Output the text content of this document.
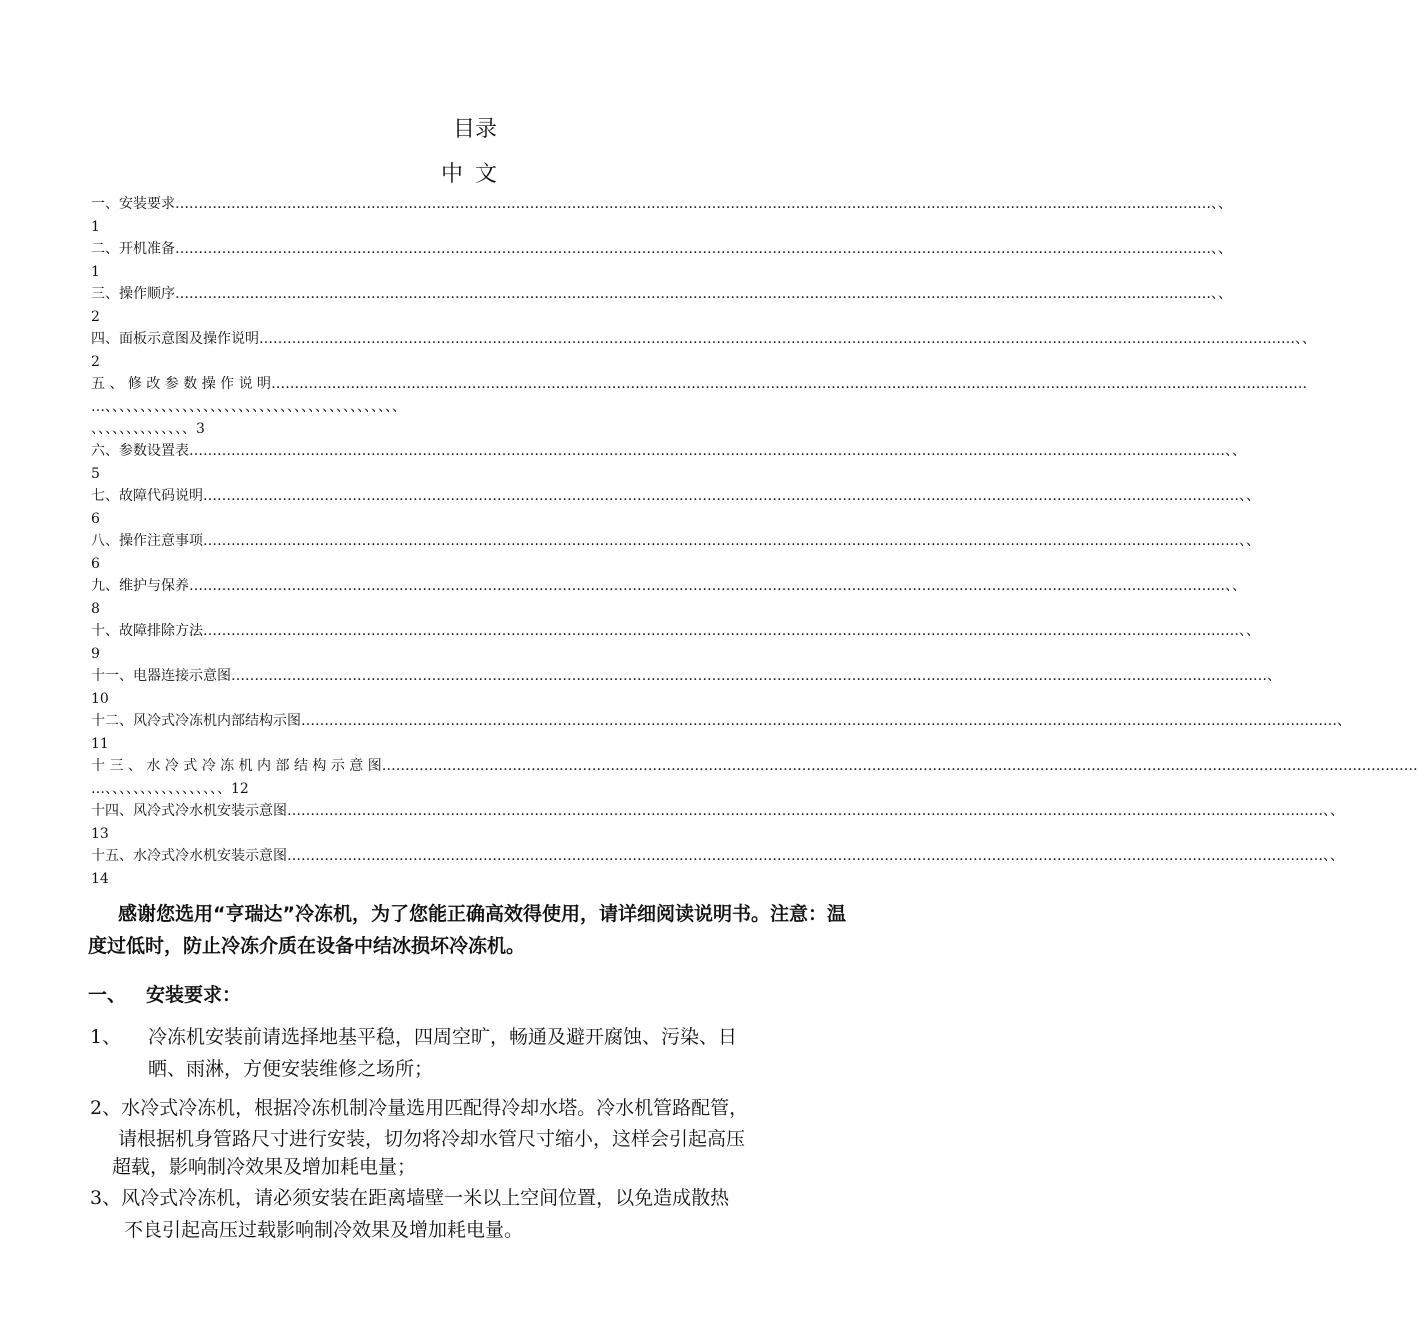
目录
中文
一、安装要求 …………………………………………………………………………………………………………………………………………………………………………………………………… 、、
1
二、开机准备 …………………………………………………………………………………………………………………………………………………………………………………………………… 、、
1
三、操作顺序 …………………………………………………………………………………………………………………………………………………………………………………………………… 、、
2
四、面板示意图及操作说明 …………………………………………………………………………………………………………………………………………………………………………………………………… 、、
2
五 、 修 改 参 数 操 作 说 明 ……………………………………………………………………………………………………………………………………………………………………………………………………
…、、、、、、、、、、、、、、、、、、、、、、、、、、、、、、、、、、、、、、、、、、
、、、、、、、、、、、、、、3
六、参数设置表 …………………………………………………………………………………………………………………………………………………………………………………………………… 、、
5
七、故障代码说明 …………………………………………………………………………………………………………………………………………………………………………………………………… 、、
6
八、操作注意事项 …………………………………………………………………………………………………………………………………………………………………………………………………… 、、
6
九、维护与保养 …………………………………………………………………………………………………………………………………………………………………………………………………… 、、
8
十、故障排除方法 …………………………………………………………………………………………………………………………………………………………………………………………………… 、、
9
十一、电器连接示意图 …………………………………………………………………………………………………………………………………………………………………………………………………… 、
10
十二、风冷式冷冻机内部结构示图 …………………………………………………………………………………………………………………………………………………………………………………………………… 、
11
十 三 、 水 冷 式 冷 冻 机 内 部 结 构 示 意 图 ……………………………………………………………………………………………………………………………………………………………………………………………………
…、、、、、、、、、、、、、、、、、12
十四、风冷式冷水机安装示意图 …………………………………………………………………………………………………………………………………………………………………………………………………… 、、
13
十五、水冷式冷水机安装示意图 …………………………………………………………………………………………………………………………………………………………………………………………………… 、、
14
感谢您选用“亨瑞达”冷冻机，为了您能正确高效得使用，请详细阅读说明书。注意：温度过低时，防止冷冻介质在设备中结冰损坏冷冻机。
一、 安装要求：
1、 冷冻机安装前请选择地基平稳，四周空旷，畅通及避开腐蚀、污染、日
晒、雨淋，方便安装维修之场所；
2、水冷式冷冻机，根据冷冻机制冷量选用匹配得冷却水塔。冷水机管路配管，
请根据机身管路尺寸进行安装，切勿将冷却水管尺寸缩小，这样会引起高压
超载，影响制冷效果及增加耗电量；
3、风冷式冷冻机，请必须安装在距离墙壁一米以上空间位置，以免造成散热
不良引起高压过载影响制冷效果及增加耗电量。
